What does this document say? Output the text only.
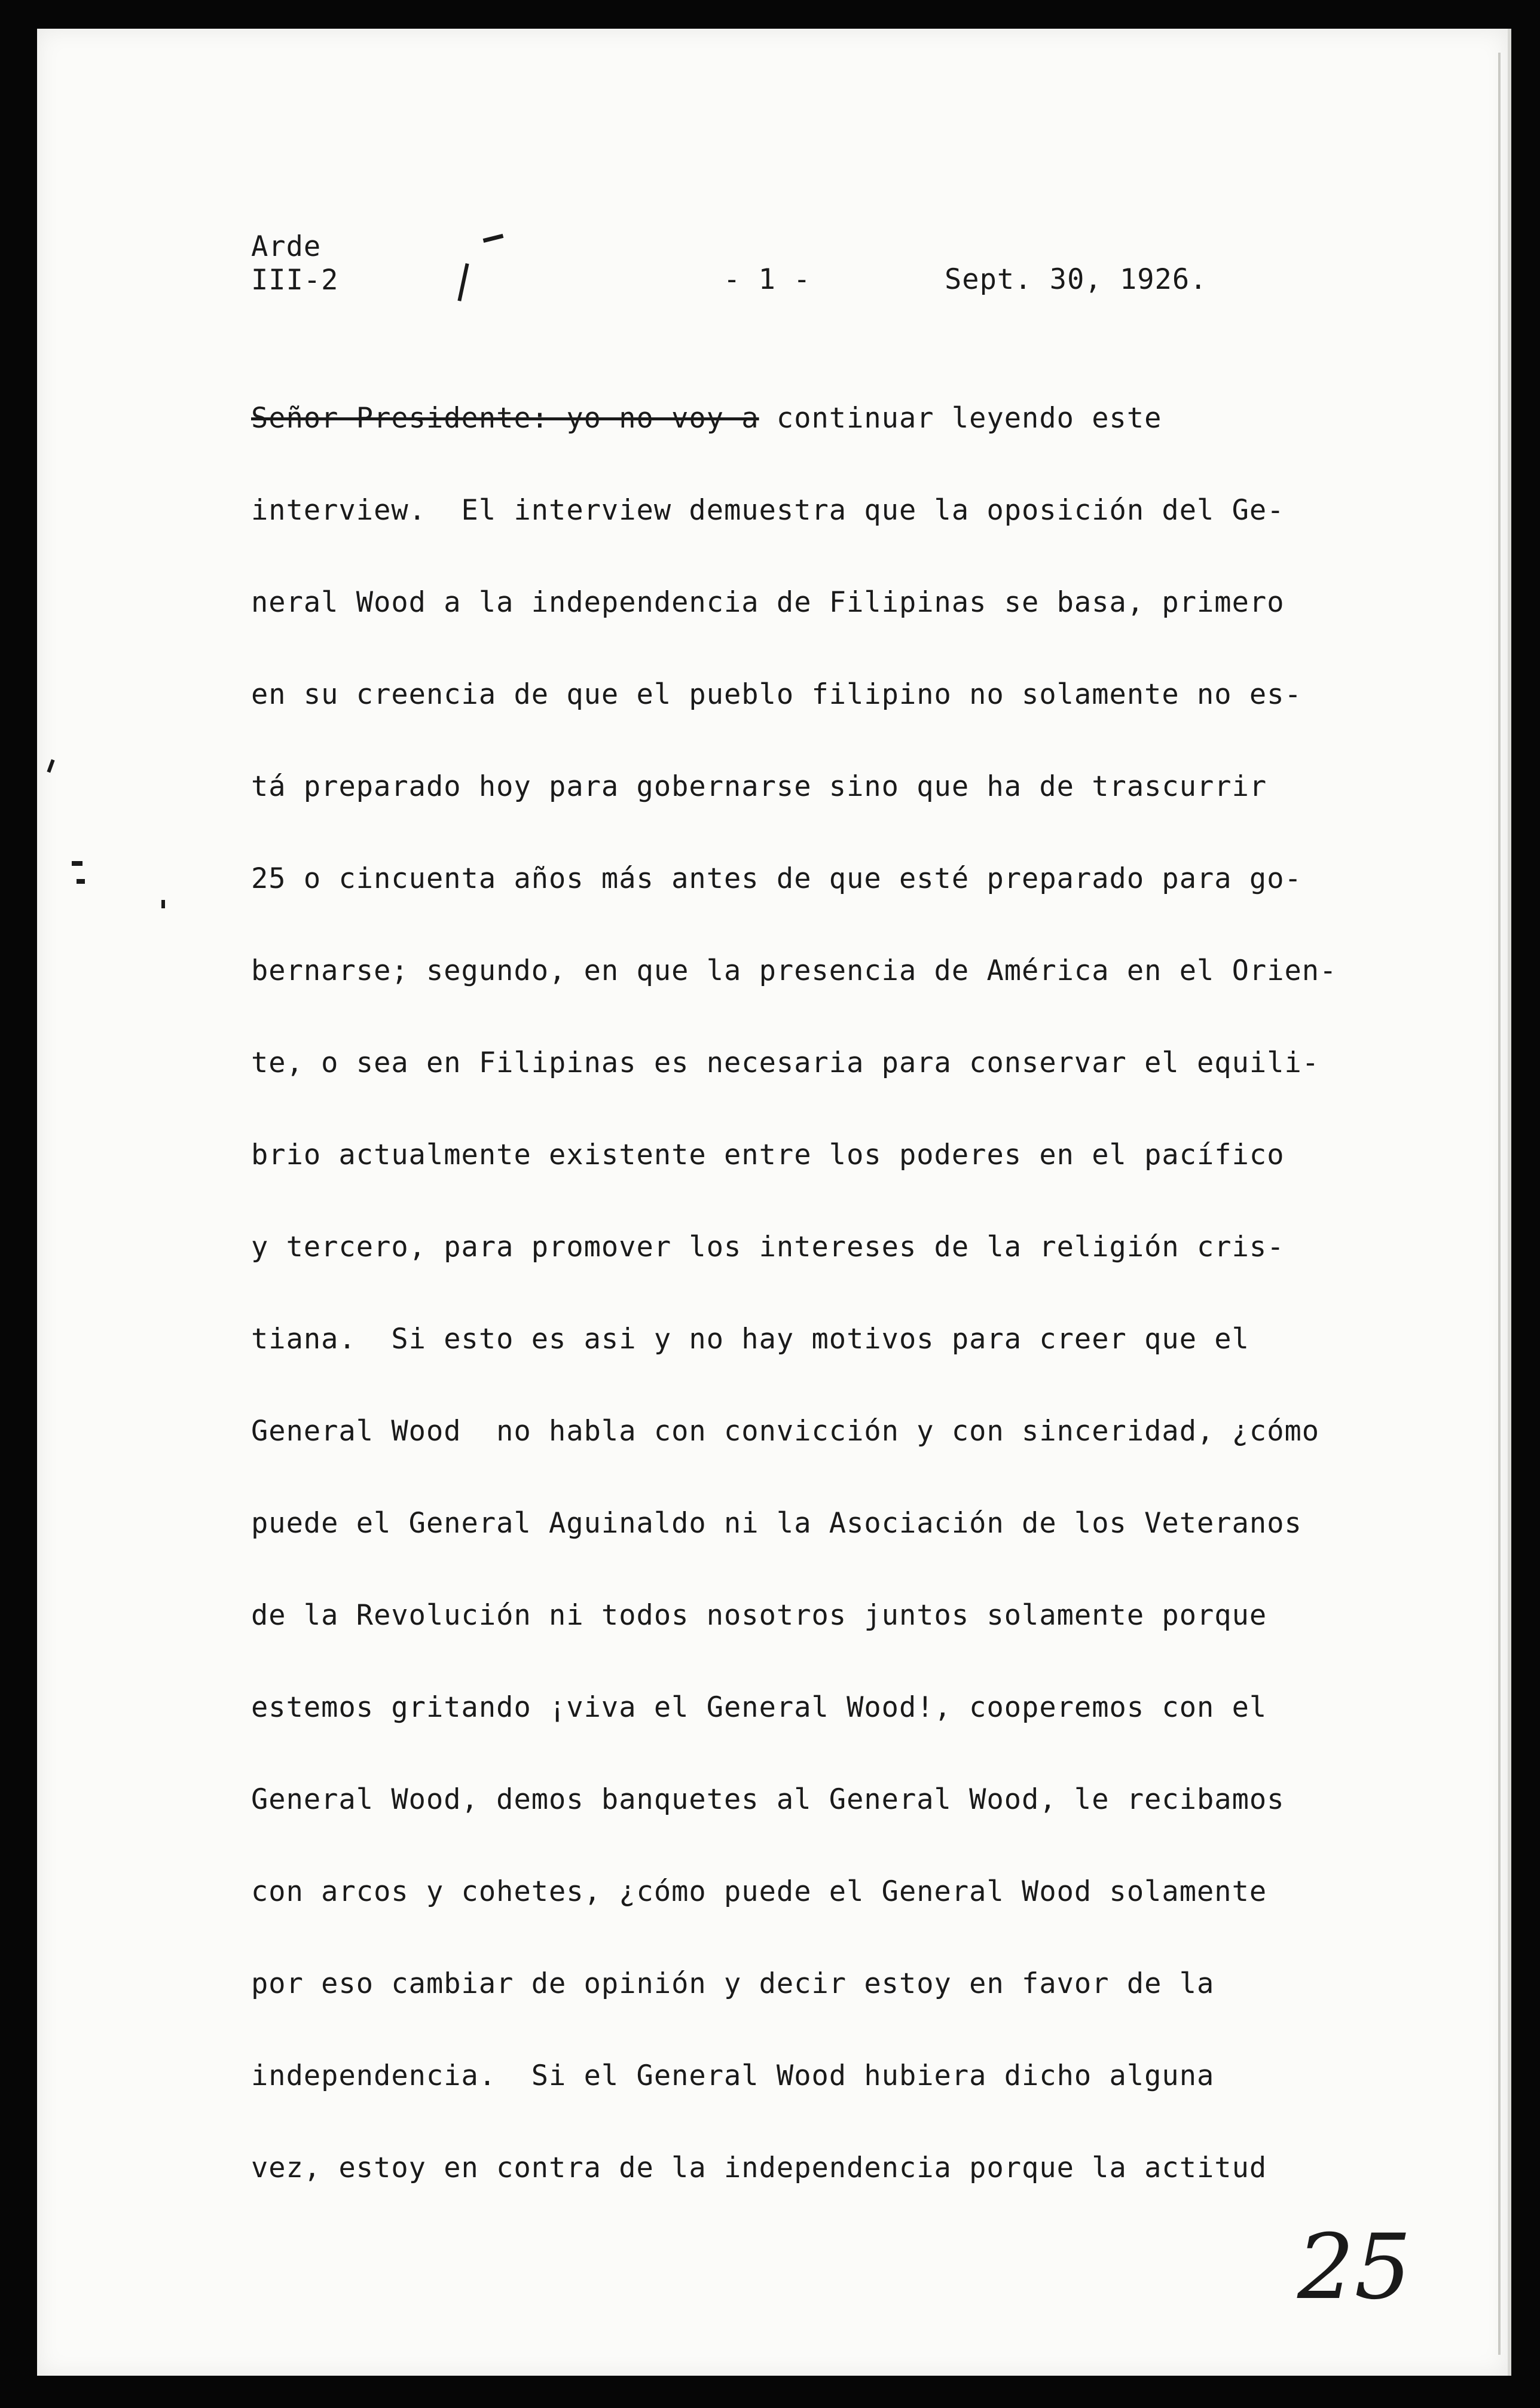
Arde
III-2	- 1 -	Sept. 30, 1926.
Señor Presidente: yo no voy a continuar leyendo este
interview.  El interview demuestra que la oposición del Ge-
neral Wood a la independencia de Filipinas se basa, primero
en su creencia de que el pueblo filipino no solamente no es-
tá preparado hoy para gobernarse sino que ha de trascurrir
25 o cincuenta años más antes de que esté preparado para go-
bernarse; segundo, en que la presencia de América en el Orien-
te, o sea en Filipinas es necesaria para conservar el equili-
brio actualmente existente entre los poderes en el pacífico
y tercero, para promover los intereses de la religión cris-
tiana.  Si esto es asi y no hay motivos para creer que el
General Wood  no habla con convicción y con sinceridad, ¿cómo
puede el General Aguinaldo ni la Asociación de los Veteranos
de la Revolución ni todos nosotros juntos solamente porque
estemos gritando ¡viva el General Wood!, cooperemos con el
General Wood, demos banquetes al General Wood, le recibamos
con arcos y cohetes, ¿cómo puede el General Wood solamente
por eso cambiar de opinión y decir estoy en favor de la
independencia.  Si el General Wood hubiera dicho alguna
vez, estoy en contra de la independencia porque la actitud
25
